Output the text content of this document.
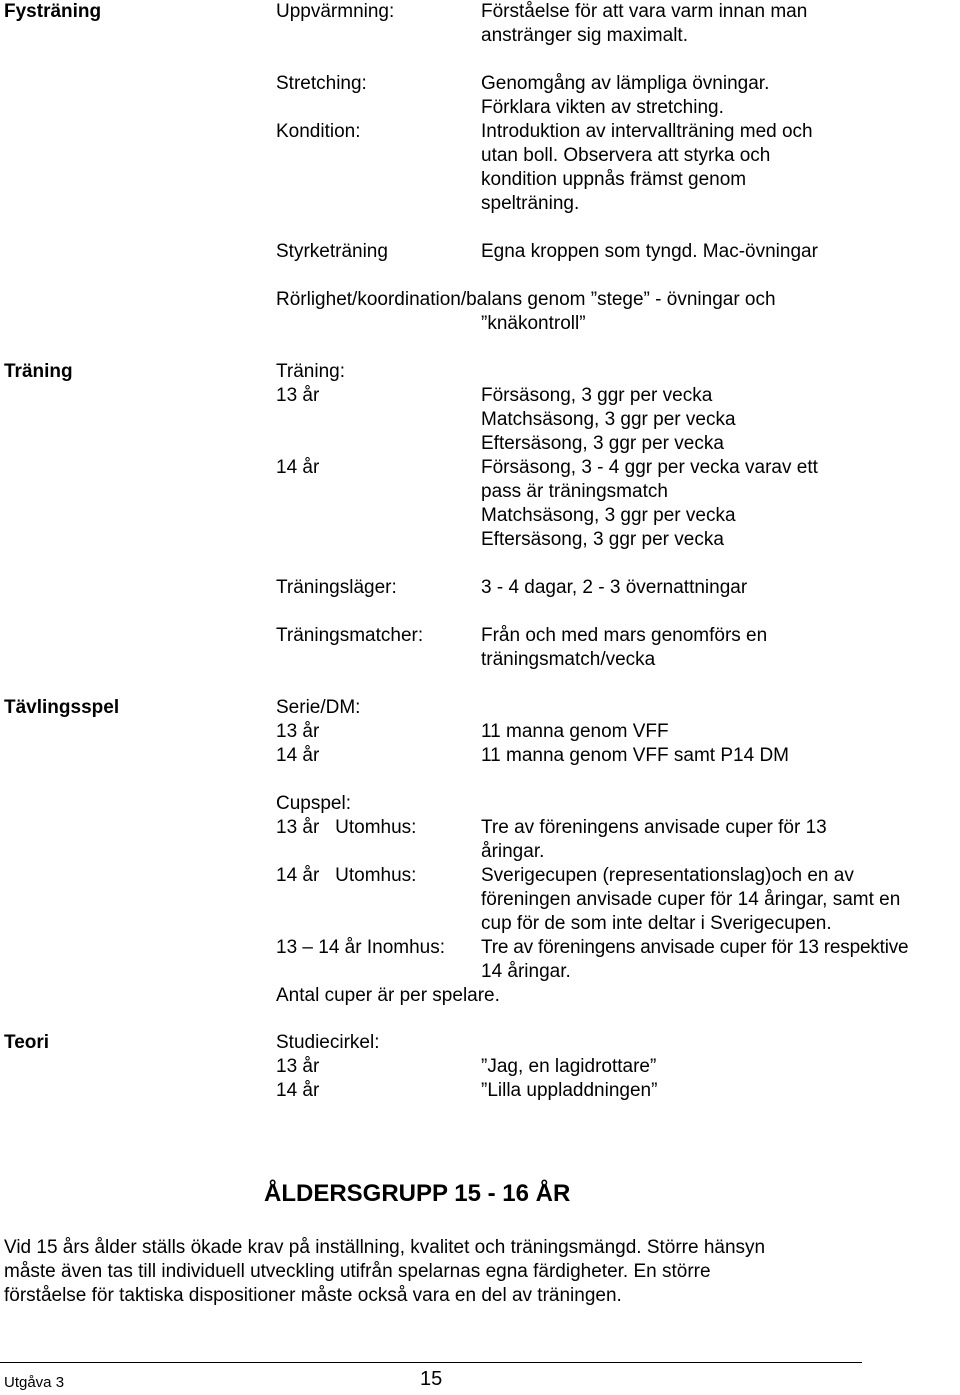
Fysträning	Uppvärmning:	Förståelse för att vara varm innan man
anstränger sig maximalt.
Stretching:	Genomgång av lämpliga övningar.
Förklara vikten av stretching.
Kondition:	Introduktion av intervallträning med och
utan boll. Observera att styrka och
kondition uppnås främst genom
spelträning.
Styrketräning	Egna kroppen som tyngd. Mac-övningar
Rörlighet/koordination/balans genom ”stege” - övningar och
”knäkontroll”
Träning	Träning:
13 år	Försäsong, 3 ggr per vecka
Matchsäsong, 3 ggr per vecka
Eftersäsong, 3 ggr per vecka
14 år	Försäsong, 3 - 4 ggr per vecka varav ett
pass är träningsmatch
Matchsäsong, 3 ggr per vecka
Eftersäsong, 3 ggr per vecka
Träningsläger:	3 - 4 dagar, 2 - 3 övernattningar
Träningsmatcher:	Från och med mars genomförs en
träningsmatch/vecka
Tävlingsspel	Serie/DM:
13 år	11 manna genom VFF
14 år	11 manna genom VFF samt P14 DM
Cupspel:
13 år   Utomhus:	Tre av föreningens anvisade cuper för 13
åringar.
14 år   Utomhus:	Sverigecupen (representationslag)och en av
föreningen anvisade cuper för 14 åringar, samt en
cup för de som inte deltar i Sverigecupen.
13 – 14 år Inomhus: Tre av föreningens anvisade cuper för 13 respektive
14 åringar.
Antal cuper är per spelare.
Teori	Studiecirkel:
13 år	”Jag, en lagidrottare”
14 år	”Lilla uppladdningen”
ÅLDERSGRUPP 15 - 16 ÅR
Vid 15 års ålder ställs ökade krav på inställning, kvalitet och träningsmängd. Större hänsyn
måste även tas till individuell utveckling utifrån spelarnas egna färdigheter. En större
förståelse för taktiska dispositioner måste också vara en del av träningen.
Utgåva 3	15
